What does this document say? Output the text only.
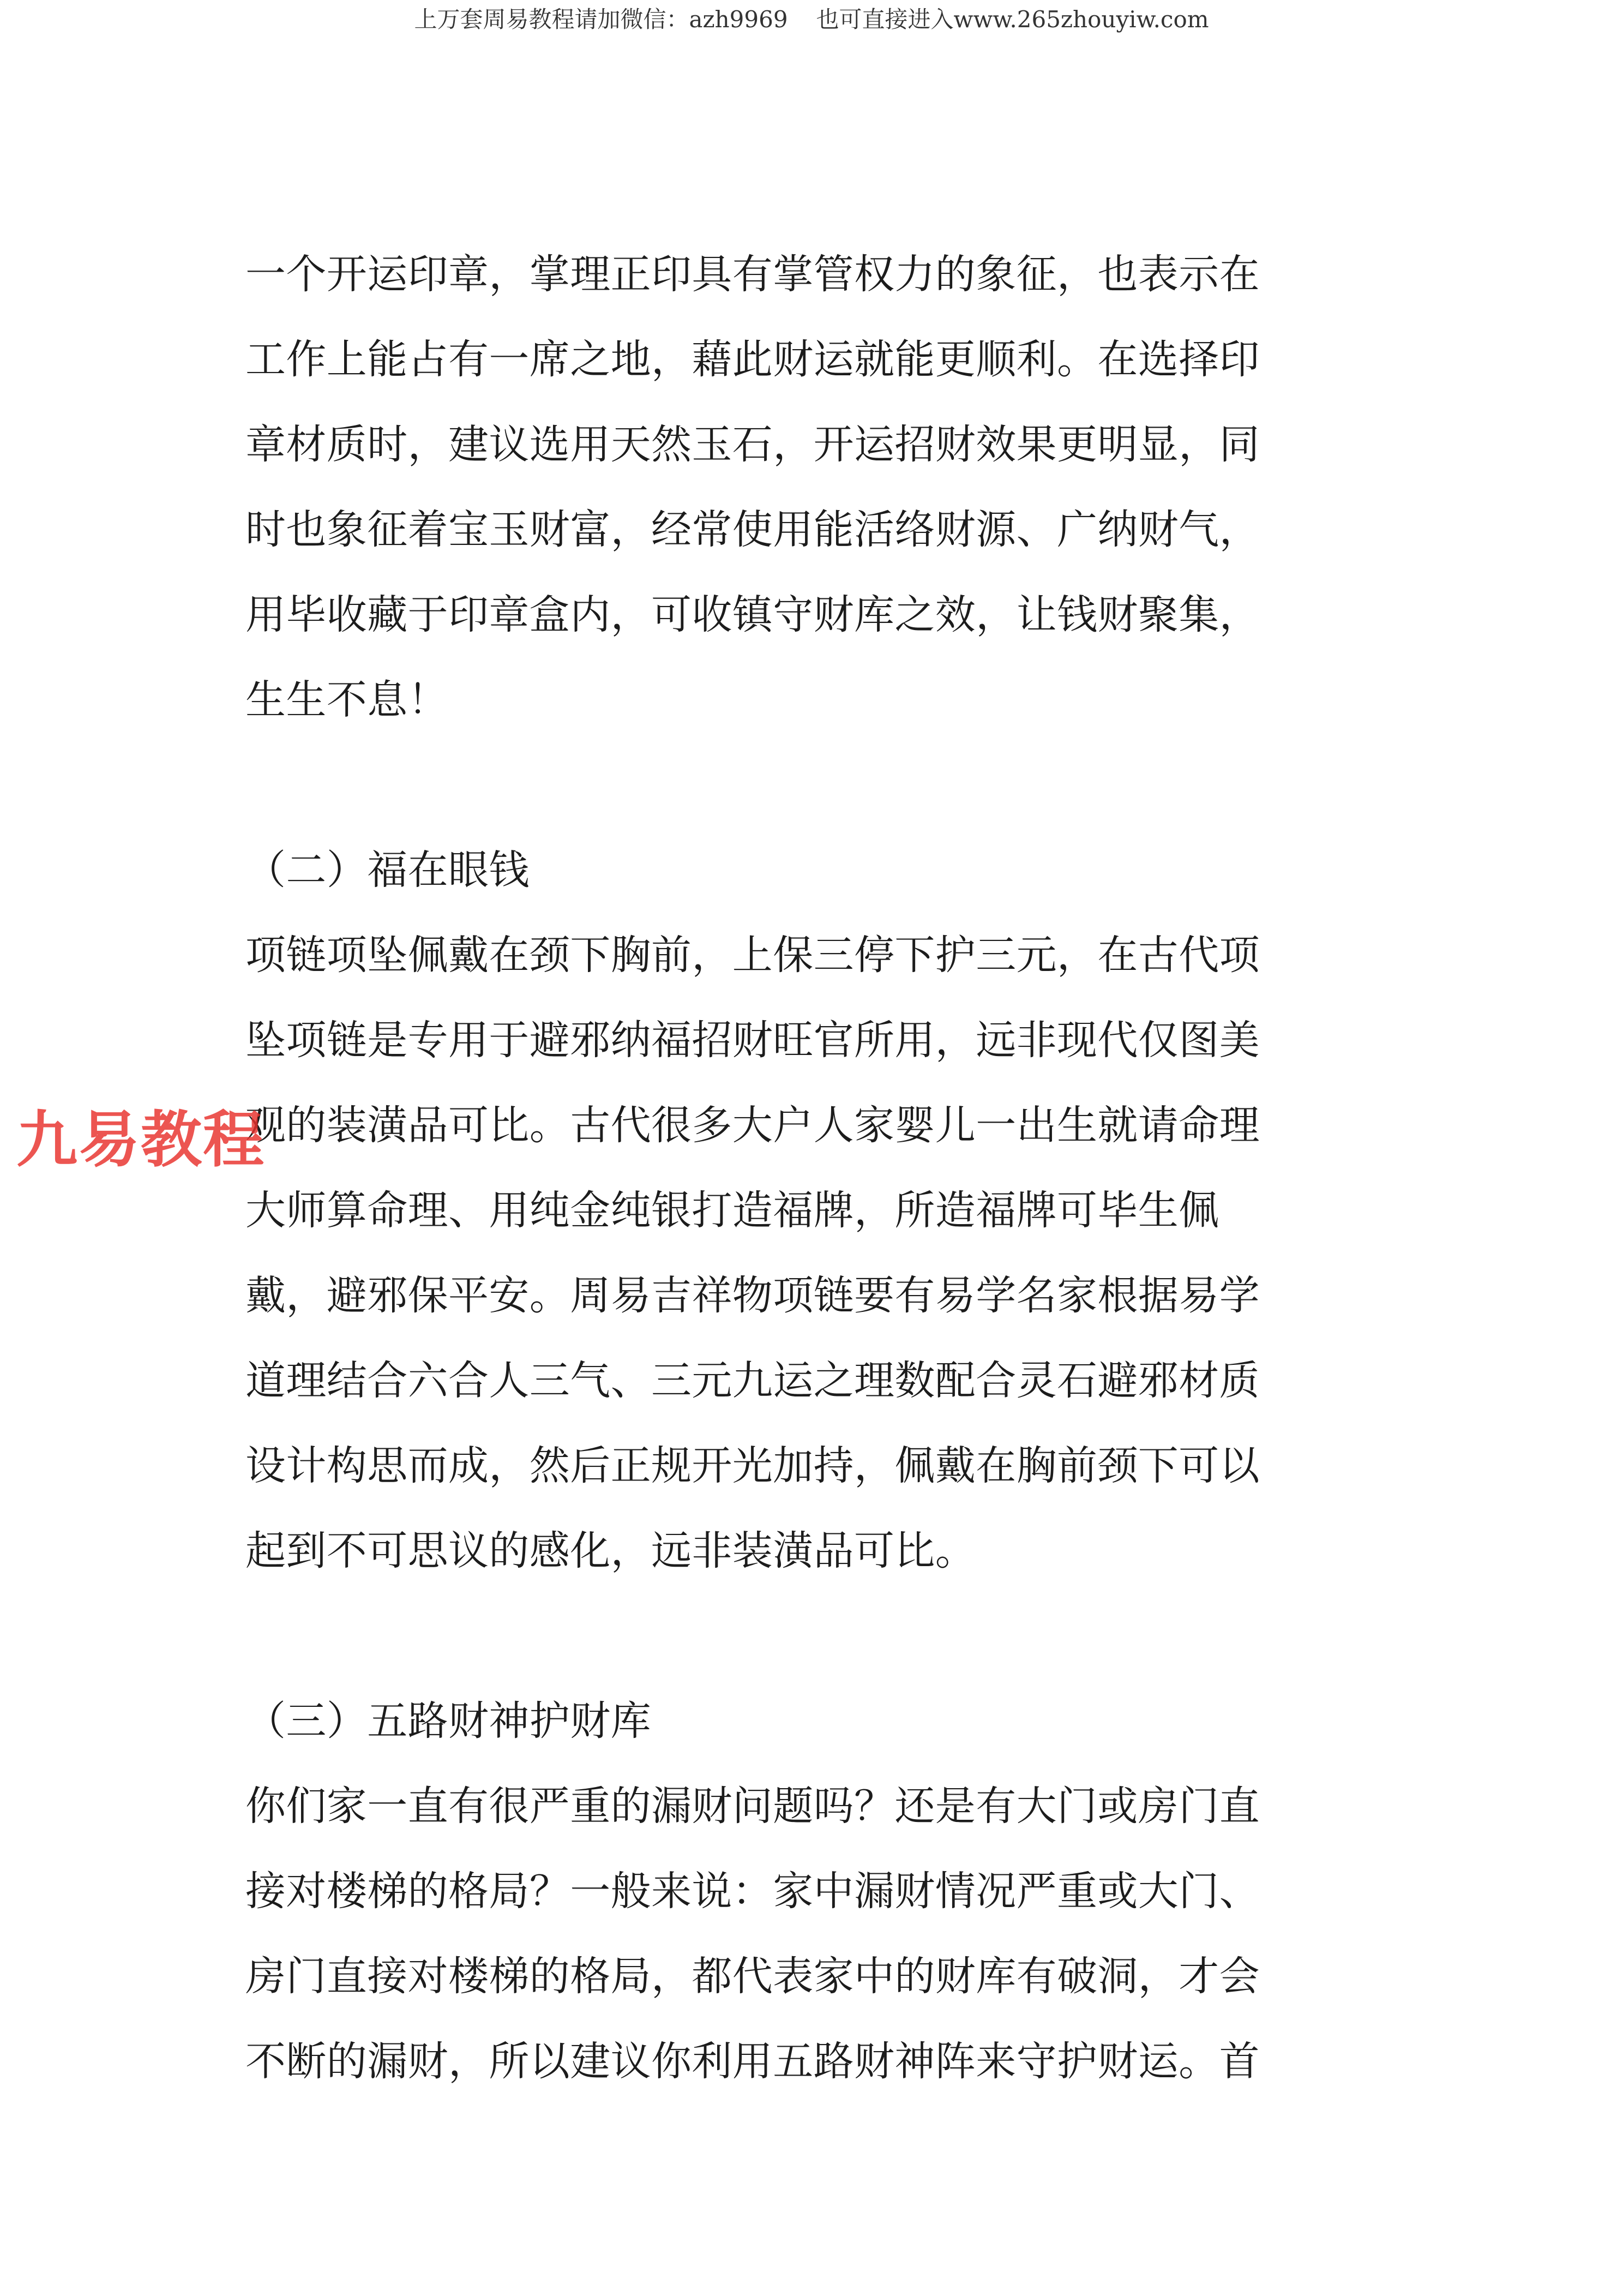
上万套周易教程请加微信：azh9969 也可直接进入www.265zhouyiw.com
一个开运印章，掌理正印具有掌管权力的象征，也表示在
工作上能占有一席之地，藉此财运就能更顺利。在选择印
章材质时，建议选用天然玉石，开运招财效果更明显，同
时也象征着宝玉财富，经常使用能活络财源、广纳财气，
用毕收藏于印章盒内，可收镇守财库之效，让钱财聚集，
生生不息！
（二）福在眼钱
项链项坠佩戴在颈下胸前，上保三停下护三元，在古代项
坠项链是专用于避邪纳福招财旺官所用，远非现代仅图美
观的装潢品可比。古代很多大户人家婴儿一出生就请命理
大师算命理、用纯金纯银打造福牌，所造福牌可毕生佩
戴，避邪保平安。周易吉祥物项链要有易学名家根据易学
道理结合六合人三气、三元九运之理数配合灵石避邪材质
设计构思而成，然后正规开光加持，佩戴在胸前颈下可以
起到不可思议的感化，远非装潢品可比。
（三）五路财神护财库
你们家一直有很严重的漏财问题吗？还是有大门或房门直
接对楼梯的格局？一般来说：家中漏财情况严重或大门、
房门直接对楼梯的格局，都代表家中的财库有破洞，才会
不断的漏财，所以建议你利用五路财神阵来守护财运。首
九易教程
